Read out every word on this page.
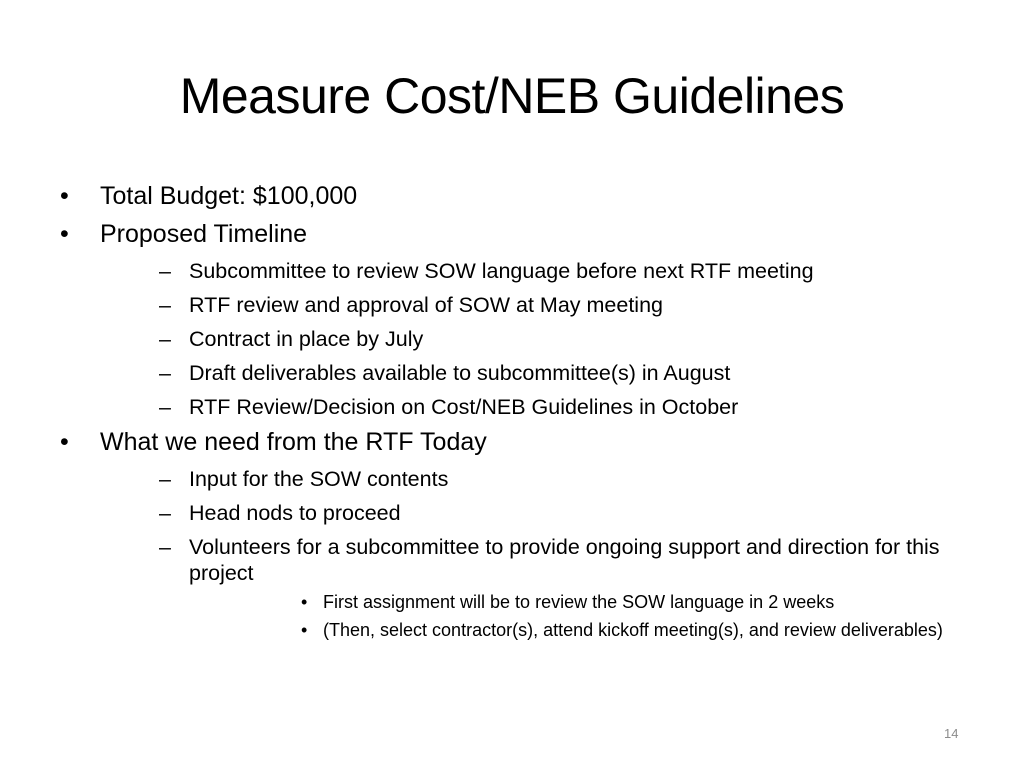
Measure Cost/NEB Guidelines
• Total Budget: $100,000
• Proposed Timeline
– Subcommittee to review SOW language before next RTF meeting
– RTF review and approval of SOW at May meeting
– Contract in place by July
– Draft deliverables available to subcommittee(s) in August
– RTF Review/Decision on Cost/NEB Guidelines in October
• What we need from the RTF Today
– Input for the SOW contents
– Head nods to proceed
– Volunteers for a subcommittee to provide ongoing support and direction for this project
• First assignment will be to review the SOW language in 2 weeks
• (Then, select contractor(s), attend kickoff meeting(s), and review deliverables)
14
